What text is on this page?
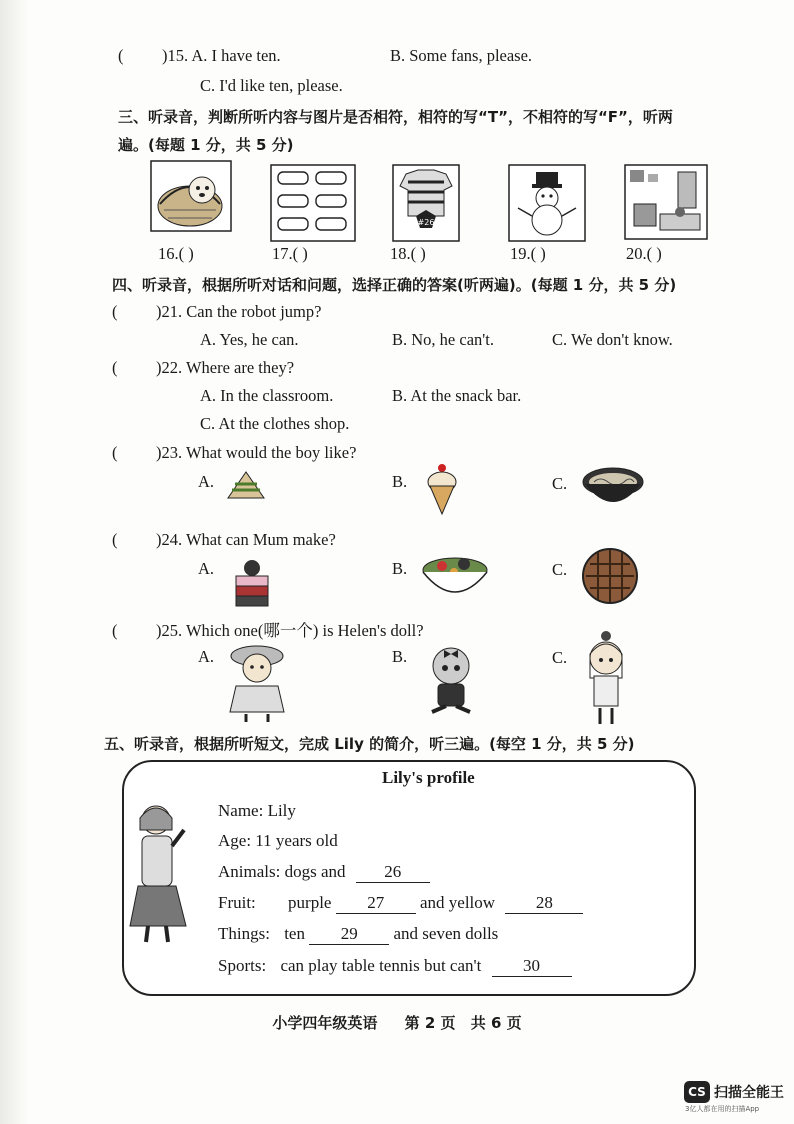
( )15. A. I have ten.	B. Some fans, please.
C. I'd like ten, please.
三、听录音，判断所听内容与图片是否相符，相符的写“T”，不相符的写“F”，听两
遍。(每题 1 分，共 5 分)
#26
16.( )	17.( )	18.( )	19.( )	20.( )
四、听录音，根据所听对话和问题，选择正确的答案(听两遍)。(每题 1 分，共 5 分)
( )21. Can the robot jump?
A. Yes, he can.	B. No, he can't.	C. We don't know.
( )22. Where are they?
A. In the classroom.	B. At the snack bar.
C. At the clothes shop.
( )23. What would the boy like?
A.	B.	C.
( )24. What can Mum make?
A.	B.	C.
( )25. Which one(哪一个) is Helen's doll?
A.	B.	C.
五、听录音，根据所听短文，完成 Lily 的简介，听三遍。(每空 1 分，共 5 分)
Lily's profile
Name: Lily
Age: 11 years old
Animals: dogs and 26
Fruit: purple 27 and yellow 28
Things: ten 29 and seven dolls
Sports: can play table tennis but can't 30
小学四年级英语 第 2 页 共 6 页
CS 扫描全能王
3亿人都在用的扫描App
